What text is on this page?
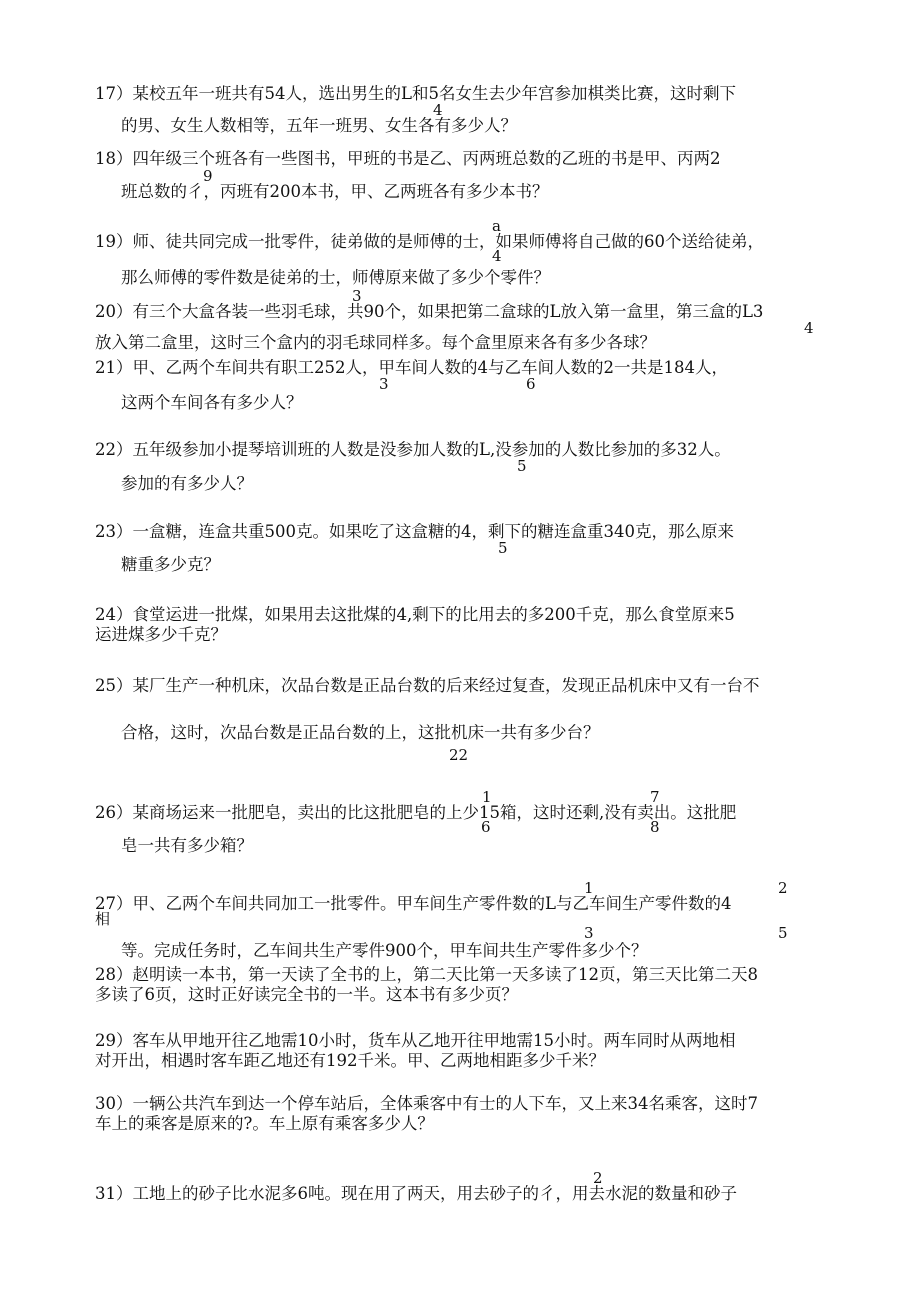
17）某校五年一班共有54人，选出男生的L和5名女生去少年宫参加棋类比赛，这时剩下
4
的男、女生人数相等，五年一班男、女生各有多少人？
18）四年级三个班各有一些图书，甲班的书是乙、丙两班总数的乙班的书是甲、丙两2
9
班总数的彳，丙班有200本书，甲、乙两班各有多少本书？
a
19）师、徒共同完成一批零件，徒弟做的是师傅的士，如果师傅将自己做的60个送给徒弟，
4
那么师傅的零件数是徒弟的士，师傅原来做了多少个零件？
3
20）有三个大盒各装一些羽毛球，共90个，如果把第二盒球的L放入第一盒里，第三盒的L3
4
放入第二盒里，这时三个盒内的羽毛球同样多。每个盒里原来各有多少各球？
21）甲、乙两个车间共有职工252人，甲车间人数的4与乙车间人数的2一共是184人，
3	6
这两个车间各有多少人？
22）五年级参加小提琴培训班的人数是没参加人数的L,没参加的人数比参加的多32人。
5
参加的有多少人？
23）一盒糖，连盒共重500克。如果吃了这盒糖的4，剩下的糖连盒重340克，那么原来
5
糖重多少克？
24）食堂运进一批煤，如果用去这批煤的4,剩下的比用去的多200千克，那么食堂原来5
运进煤多少千克？
25）某厂生产一种机床，次品台数是正品台数的后来经过复查，发现正品机床中又有一台不
合格，这时，次品台数是正品台数的上，这批机床一共有多少台？
22
1	7
26）某商场运来一批肥皂，卖出的比这批肥皂的上少15箱，这时还剩,没有卖出。这批肥
6	8
皂一共有多少箱？
1	2
27）甲、乙两个车间共同加工一批零件。甲车间生产零件数的L与乙车间生产零件数的4
相
3	5
等。完成任务时，乙车间共生产零件900个，甲车间共生产零件多少个？
28）赵明读一本书，第一天读了全书的上，第二天比第一天多读了12页，第三天比第二天8
多读了6页，这时正好读完全书的一半。这本书有多少页？
29）客车从甲地开往乙地需10小时，货车从乙地开往甲地需15小时。两车同时从两地相
对开出，相遇时客车距乙地还有192千米。甲、乙两地相距多少千米？
30）一辆公共汽车到达一个停车站后，全体乘客中有士的人下车，又上来34名乘客，这时7
车上的乘客是原来的?。车上原有乘客多少人？
2
31）工地上的砂子比水泥多6吨。现在用了两天，用去砂子的彳，用去水泥的数量和砂子
